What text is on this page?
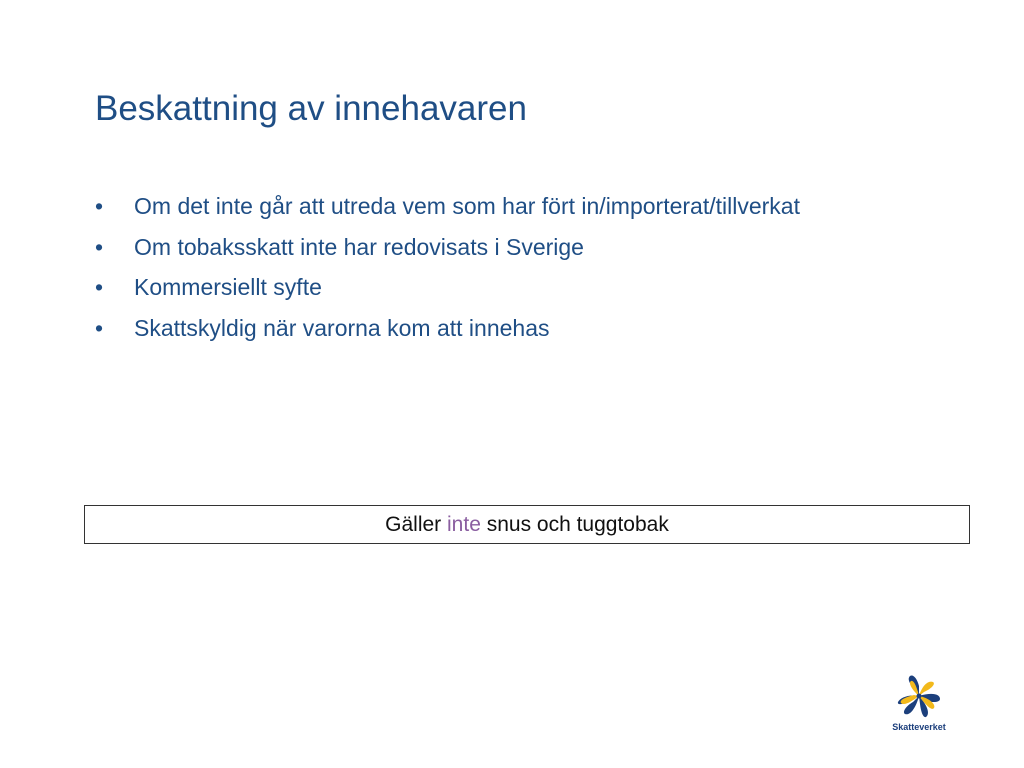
Beskattning av innehavaren
• Om det inte går att utreda vem som har fört in/importerat/tillverkat
• Om tobaksskatt inte har redovisats i Sverige
• Kommersiellt syfte
• Skattskyldig när varorna kom att innehas
Gäller inte snus och tuggtobak
Skatteverket
